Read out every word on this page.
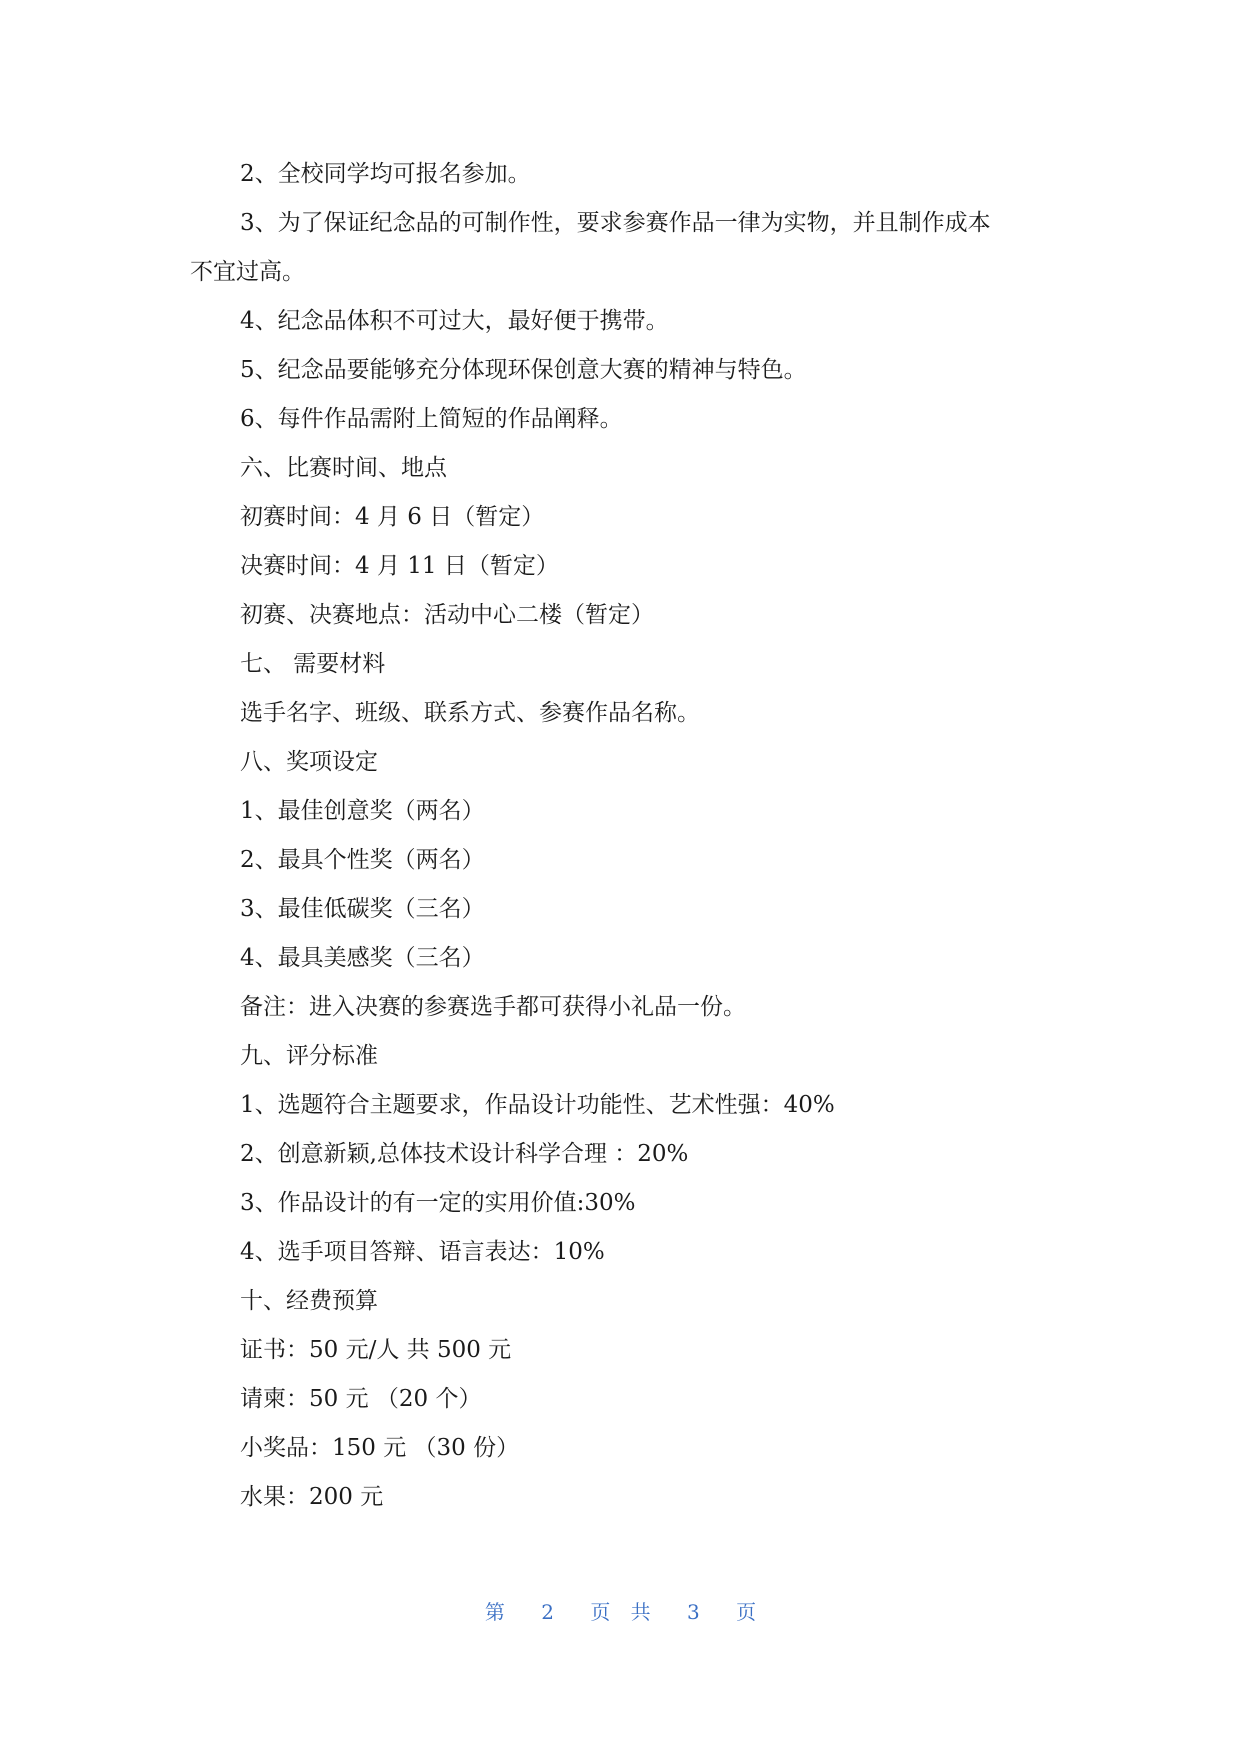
2、全校同学均可报名参加。

3、为了保证纪念品的可制作性，要求参赛作品一律为实物，并且制作成本

不宜过高。

4、纪念品体积不可过大，最好便于携带。

5、纪念品要能够充分体现环保创意大赛的精神与特色。

6、每件作品需附上简短的作品阐释。

六、比赛时间、地点

初赛时间：4 月 6 日（暂定）

决赛时间：4 月 11 日（暂定）

初赛、决赛地点：活动中心二楼（暂定）

七、 需要材料

选手名字、班级、联系方式、参赛作品名称。

八、奖项设定

1、最佳创意奖（两名）

2、最具个性奖（两名）

3、最佳低碳奖（三名）

4、最具美感奖（三名）

备注：进入决赛的参赛选手都可获得小礼品一份。

九、评分标准

1、选题符合主题要求，作品设计功能性、艺术性强：40%

2、创意新颖,总体技术设计科学合理 ：20%

3、作品设计的有一定的实用价值:30%

4、选手项目答辩、语言表达：10%

十、经费预算

证书：50 元/人 共 500 元

请柬：50 元 （20 个）

小奖品：150 元 （30 份）

水果：200 元

第 2 页 共 3 页
